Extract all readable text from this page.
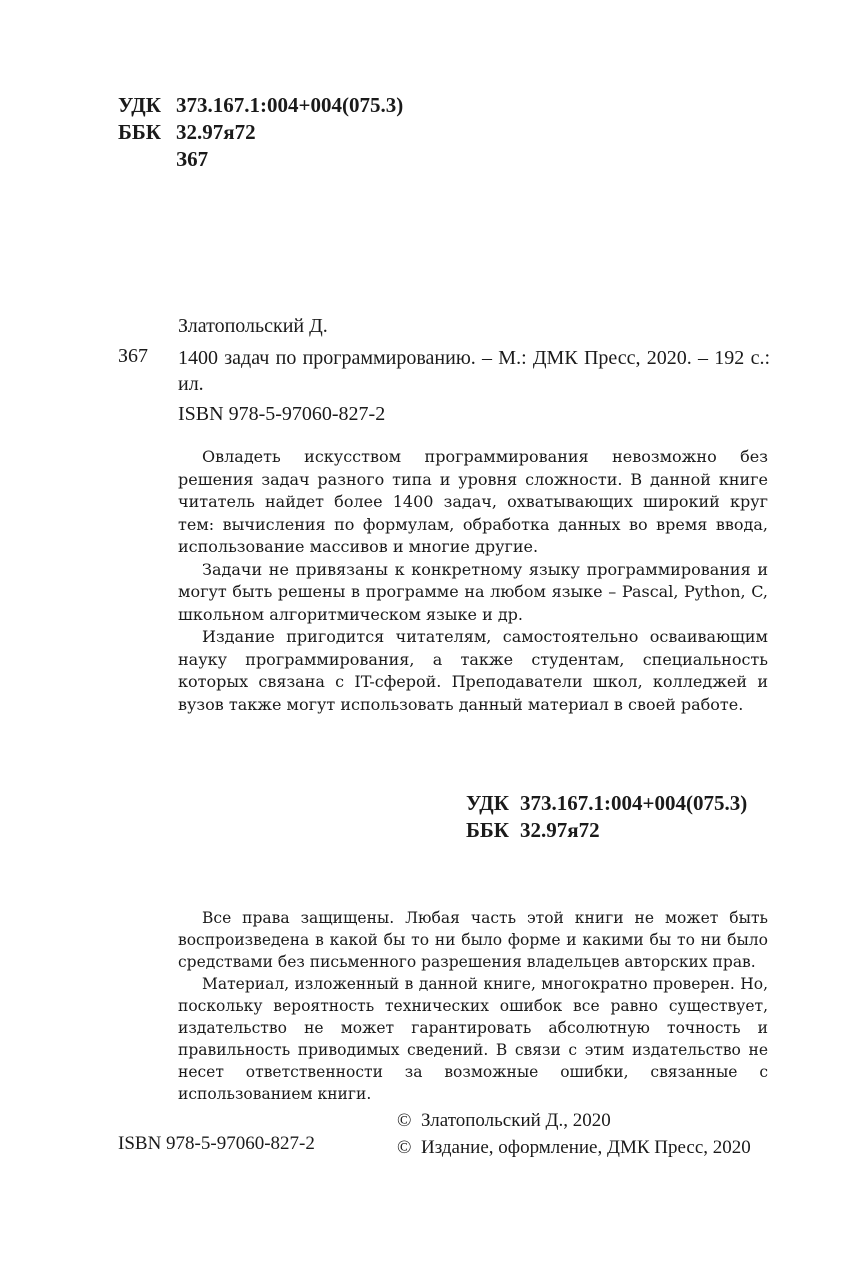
УДК 373.167.1:004+004(075.3)
ББК 32.97я72
З67
Златопольский Д.
З67 1400 задач по программированию. – М.: ДМК Пресс, 2020. – 192 с.: ил.
ISBN 978-5-97060-827-2

Овладеть искусством программирования невозможно без решения задач разного типа и уровня сложности. В данной книге читатель найдет более 1400 задач, охватывающих широкий круг тем: вычисления по формулам, обработка данных во время ввода, использование массивов и многие другие.

Задачи не привязаны к конкретному языку программирования и могут быть решены в программе на любом языке – Pascal, Python, C, школьном алгоритмическом языке и др.

Издание пригодится читателям, самостоятельно осваивающим науку программирования, а также студентам, специальность которых связана с IT-сферой. Преподаватели школ, колледжей и вузов также могут использовать данный материал в своей работе.

УДК 373.167.1:004+004(075.3)
ББК 32.97я72

Все права защищены. Любая часть этой книги не может быть воспроизведена в какой бы то ни было форме и какими бы то ни было средствами без письменного разрешения владельцев авторских прав.

Материал, изложенный в данной книге, многократно проверен. Но, поскольку вероятность технических ошибок все равно существует, издательство не может гарантировать абсолютную точность и правильность приводимых сведений. В связи с этим издательство не несет ответственности за возможные ошибки, связанные с использованием книги.

ISBN 978-5-97060-827-2
© Златопольский Д., 2020
© Издание, оформление, ДМК Пресс, 2020
